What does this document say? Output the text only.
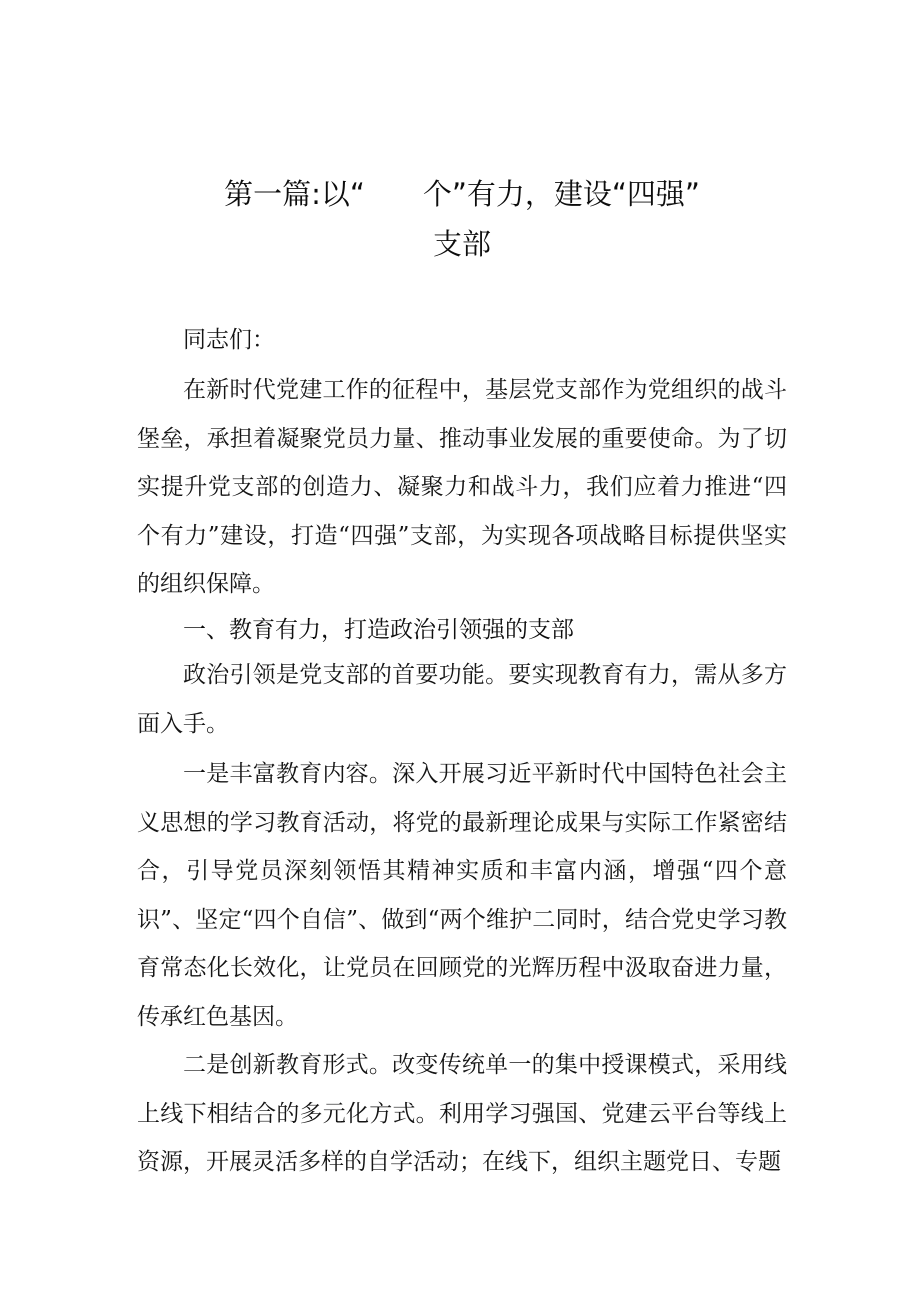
第一篇:以“ 个”有力，建设“四强”
支部
同志们：
在新时代党建工作的征程中，基层党支部作为党组织的战斗堡垒，承担着凝聚党员力量、推动事业发展的重要使命。为了切实提升党支部的创造力、凝聚力和战斗力，我们应着力推进“四个有力”建设，打造“四强”支部，为实现各项战略目标提供坚实的组织保障。
一、教育有力，打造政治引领强的支部
政治引领是党支部的首要功能。要实现教育有力，需从多方面入手。
一是丰富教育内容。深入开展习近平新时代中国特色社会主义思想的学习教育活动，将党的最新理论成果与实际工作紧密结合，引导党员深刻领悟其精神实质和丰富内涵，增强“四个意识”、坚定“四个自信”、做到“两个维护二同时，结合党史学习教育常态化长效化，让党员在回顾党的光辉历程中汲取奋进力量，传承红色基因。
二是创新教育形式。改变传统单一的集中授课模式，采用线上线下相结合的多元化方式。利用学习强国、党建云平台等线上资源，开展灵活多样的自学活动；在线下，组织主题党日、专题
